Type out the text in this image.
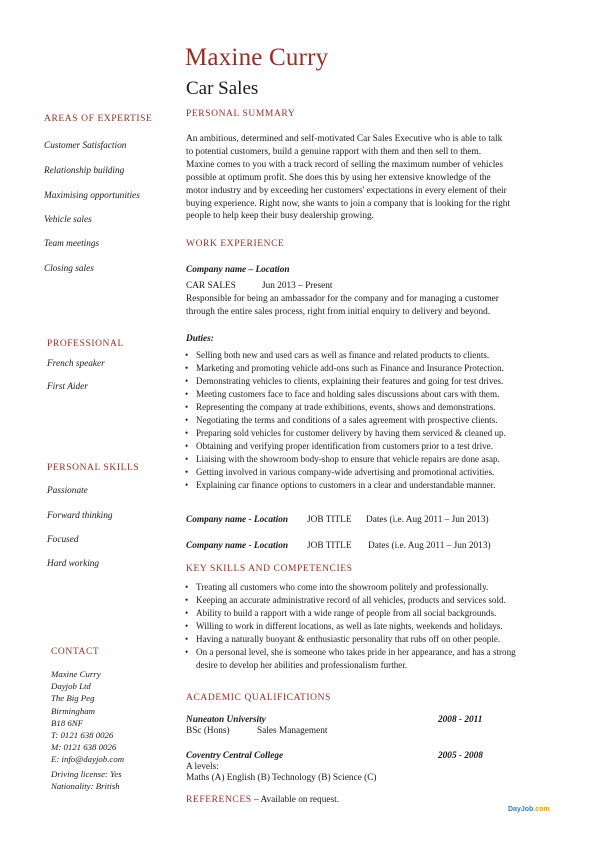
Maxine Curry
Car Sales
AREAS OF EXPERTISE
Customer Satisfaction
Relationship building
Maximising opportunities
Vehicle sales
Team meetings
Closing sales
PROFESSIONAL
French speaker
First Aider
PERSONAL SKILLS
Passionate
Forward thinking
Focused
Hard working
CONTACT
Maxine Curry
Dayjob Ltd
The Big Peg
Birmingham
B18 6NF
T: 0121 638 0026
M: 0121 638 0026
E: info@dayjob.com
Driving license: Yes
Nationality: British
PERSONAL SUMMARY
An ambitious, determined and self-motivated Car Sales Executive who is able to talk
to potential customers, build a genuine rapport with them and then sell to them.
Maxine comes to you with a track record of selling the maximum number of vehicles
possible at optimum profit. She does this by using her extensive knowledge of the
motor industry and by exceeding her customers' expectations in every element of their
buying experience. Right now, she wants to join a company that is looking for the right
people to help keep their busy dealership growing.
WORK EXPERIENCE
Company name – Location
CAR SALES	Jun 2013 – Present
Responsible for being an ambassador for the company and for managing a customer
through the entire sales process, right from initial enquiry to delivery and beyond.
Duties:
• Selling both new and used cars as well as finance and related products to clients.
• Marketing and promoting vehicle add-ons such as Finance and Insurance Protection.
• Demonstrating vehicles to clients, explaining their features and going for test drives.
• Meeting customers face to face and holding sales discussions about cars with them.
• Representing the company at trade exhibitions, events, shows and demonstrations.
• Negotiating the terms and conditions of a sales agreement with prospective clients.
• Preparing sold vehicles for customer delivery by having them serviced & cleaned up.
• Obtaining and verifying proper identification from customers prior to a test drive.
• Liaising with the showroom body-shop to ensure that vehicle repairs are done asap.
• Getting involved in various company-wide advertising and promotional activities.
• Explaining car finance options to customers in a clear and understandable manner.
Company name - Location JOB TITLE Dates (i.e. Aug 2011 – Jun 2013)
Company name - Location JOB TITLE Dates (i.e. Aug 2011 – Jun 2013)
KEY SKILLS AND COMPETENCIES
• Treating all customers who come into the showroom politely and professionally.
• Keeping an accurate administrative record of all vehicles, products and services sold.
• Ability to build a rapport with a wide range of people from all social backgrounds.
• Willing to work in different locations, as well as late nights, weekends and holidays.
• Having a naturally buoyant & enthusiastic personality that rubs off on other people.
• On a personal level, she is someone who takes pride in her appearance, and has a strong desire to develop her abilities and professionalism further.
ACADEMIC QUALIFICATIONS
Nuneaton University	2008 - 2011
BSc (Hons)	Sales Management
Coventry Central College	2005 - 2008
A levels:
Maths (A) English (B) Technology (B) Science (C)
REFERENCES – Available on request.
DayJob.com
